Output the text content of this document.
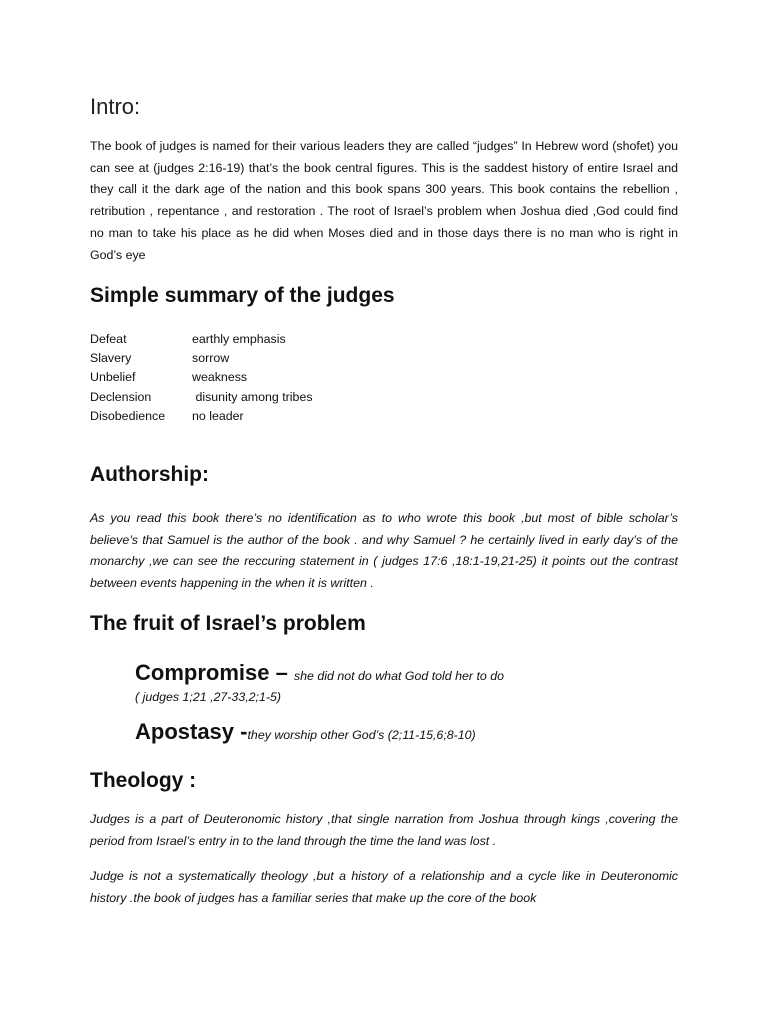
Intro:

The book of judges is named for their various leaders they are called “judges” In Hebrew word (shofet) you can see at (judges 2:16-19) that’s the book central figures. This is the saddest history of entire Israel and they call it the dark age of the nation and this book spans 300 years. This book contains the rebellion , retribution , repentance , and restoration . The root of Israel’s problem when Joshua died ,God could find no man to take his place as he did when Moses died and in those days there is no man who is right in God’s eye

Simple summary of the judges
Defeat	earthly emphasis
Slavery	sorrow
Unbelief	weakness
Declension	disunity among tribes
Disobedience	no leader
Authorship:

As you read this book there’s no identification as to who wrote this book ,but most of bible scholar’s believe’s that Samuel is the author of the book . and why Samuel ? he certainly lived in early day’s of the monarchy ,we can see the reccuring statement in ( judges 17:6 ,18:1-19,21-25) it points out the contrast between events happening in the when it is written .

The fruit of Israel’s problem
Compromise – she did not do what God told her to do
( judges 1;21 ,27-33,2;1-5)
Apostasy -they worship other God’s (2;11-15,6;8-10)
Theology :

Judges is a part of Deuteronomic history ,that single narration from Joshua through kings ,covering the period from Israel’s entry in to the land through the time the land was lost .

Judge is not a systematically theology ,but a history of a relationship and a cycle like in Deuteronomic history .the book of judges has a familiar series that make up the core of the book
